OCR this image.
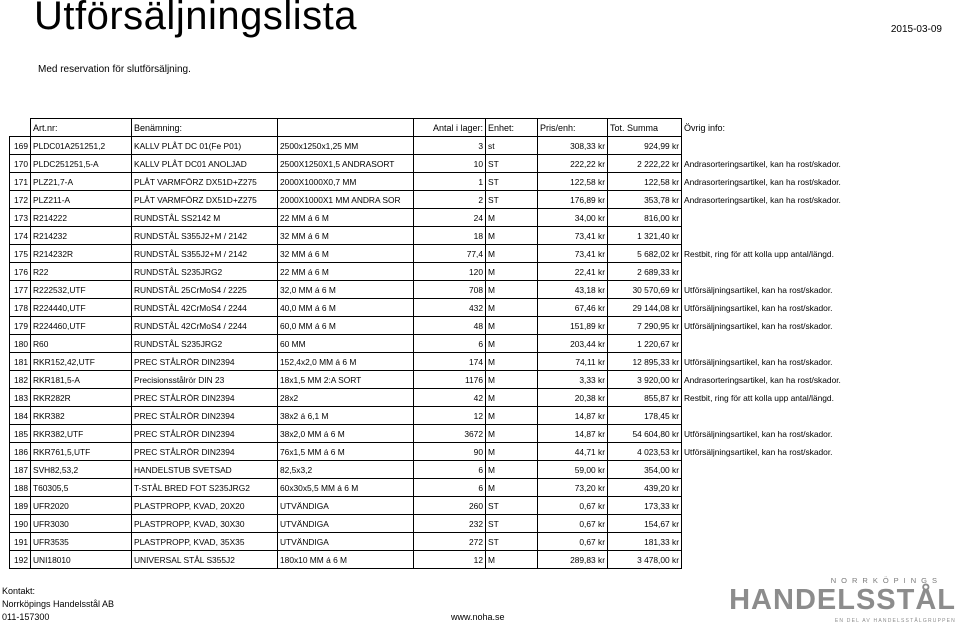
Utförsäljningslista	2015-03-09
Med reservation för slutförsäljning.
	Art.nr:	Benämning:		Antal i lager:	Enhet:	Pris/enh:	Tot. Summa	Övrig info:
169	PLDC01A251251,2	KALLV PLÅT DC 01(Fe P01)	2500x1250x1,25 MM	3	st	308,33 kr	924,99 kr	
170	PLDC251251,5-A	KALLV PLÅT DC01 ANOLJAD	2500X1250X1,5 ANDRASORT	10	ST	222,22 kr	2 222,22 kr	Andrasorteringsartikel, kan ha rost/skador.
171	PLZ21,7-A	PLÅT VARMFÖRZ DX51D+Z275	2000X1000X0,7 MM	1	ST	122,58 kr	122,58 kr	Andrasorteringsartikel, kan ha rost/skador.
172	PLZ211-A	PLÅT VARMFÖRZ DX51D+Z275	2000X1000X1 MM ANDRA SOR	2	ST	176,89 kr	353,78 kr	Andrasorteringsartikel, kan ha rost/skador.
173	R214222	RUNDSTÅL SS2142 M	22 MM á 6 M	24	M	34,00 kr	816,00 kr	
174	R214232	RUNDSTÅL S355J2+M / 2142	32 MM á 6 M	18	M	73,41 kr	1 321,40 kr	
175	R214232R	RUNDSTÅL S355J2+M / 2142	32 MM á 6 M	77,4	M	73,41 kr	5 682,02 kr	Restbit, ring för att kolla upp antal/längd.
176	R22	RUNDSTÅL S235JRG2	22 MM á 6 M	120	M	22,41 kr	2 689,33 kr	
177	R222532,UTF	RUNDSTÅL 25CrMoS4 / 2225	32,0 MM á 6 M	708	M	43,18 kr	30 570,69 kr	Utförsäljningsartikel, kan ha rost/skador.
178	R224440,UTF	RUNDSTÅL 42CrMoS4 / 2244	40,0 MM á 6 M	432	M	67,46 kr	29 144,08 kr	Utförsäljningsartikel, kan ha rost/skador.
179	R224460,UTF	RUNDSTÅL 42CrMoS4 / 2244	60,0 MM á 6 M	48	M	151,89 kr	7 290,95 kr	Utförsäljningsartikel, kan ha rost/skador.
180	R60	RUNDSTÅL S235JRG2	60 MM	6	M	203,44 kr	1 220,67 kr	
181	RKR152,42,UTF	PREC STÅLRÖR DIN2394	152,4x2,0 MM á 6 M	174	M	74,11 kr	12 895,33 kr	Utförsäljningsartikel, kan ha rost/skador.
182	RKR181,5-A	Precisionsstålrör DIN 23	18x1,5 MM 2:A SORT	1176	M	3,33 kr	3 920,00 kr	Andrasorteringsartikel, kan ha rost/skador.
183	RKR282R	PREC STÅLRÖR DIN2394	28x2	42	M	20,38 kr	855,87 kr	Restbit, ring för att kolla upp antal/längd.
184	RKR382	PREC STÅLRÖR DIN2394	38x2 á 6,1 M	12	M	14,87 kr	178,45 kr	
185	RKR382,UTF	PREC STÅLRÖR DIN2394	38x2,0 MM á 6 M	3672	M	14,87 kr	54 604,80 kr	Utförsäljningsartikel, kan ha rost/skador.
186	RKR761,5,UTF	PREC STÅLRÖR DIN2394	76x1,5 MM á 6 M	90	M	44,71 kr	4 023,53 kr	Utförsäljningsartikel, kan ha rost/skador.
187	SVH82,53,2	HANDELSTUB SVETSAD	82,5x3,2	6	M	59,00 kr	354,00 kr	
188	T60305,5	T-STÅL BRED FOT S235JRG2	60x30x5,5 MM á 6 M	6	M	73,20 kr	439,20 kr	
189	UFR2020	PLASTPROPP, KVAD, 20X20	UTVÄNDIGA	260	ST	0,67 kr	173,33 kr	
190	UFR3030	PLASTPROPP, KVAD, 30X30	UTVÄNDIGA	232	ST	0,67 kr	154,67 kr	
191	UFR3535	PLASTPROPP, KVAD, 35X35	UTVÄNDIGA	272	ST	0,67 kr	181,33 kr	
192	UNI18010	UNIVERSAL STÅL S355J2	180x10 MM á 6 M	12	M	289,83 kr	3 478,00 kr	
Kontakt:
Norrköpings Handelsstål AB
011-157300	www.noha.se
NORRKÖPINGS
HANDELSSTÅL
EN DEL AV HANDELSSTÅLGRUPPEN
